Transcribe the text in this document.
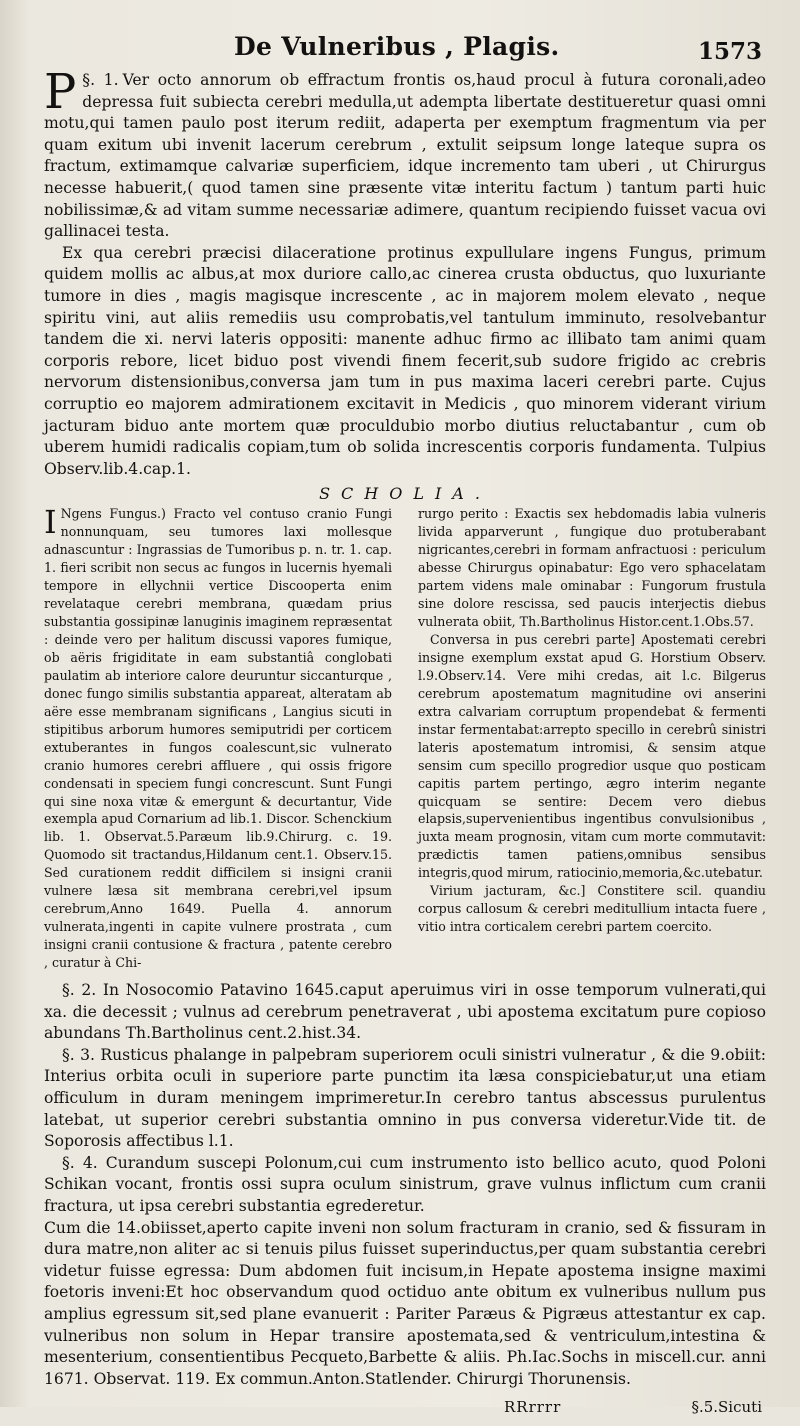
De Vulneribus , Plagis.	1573

§. 1.
P	Ver octo annorum ob effractum frontis os,haud procul à futura coronali,adeo depressa fuit subiecta cerebri medulla,ut adempta libertate destitueretur quasi omni motu,qui tamen paulo post iterum rediit, adaperta per exemptum fragmentum via per quam exitum ubi invenit lacerum cerebrum , extulit seipsum longe lateque supra os fractum, extimamque calvariæ superficiem, idque incremento tam uberi , ut Chirurgus necesse habuerit,( quod tamen sine præsente vitæ interitu factum ) tantum parti huic nobilissimæ,& ad vitam summe necessariæ adimere, quantum recipiendo fuisset vacua ovi gallinacei testa.

Ex qua cerebri præcisi dilaceratione protinus expullulare ingens Fungus, primum quidem mollis ac albus,at mox duriore callo,ac cinerea crusta obductus, quo luxuriante tumore in dies , magis magisque increscente , ac in majorem molem elevato , neque spiritu vini, aut aliis remediis usu comprobatis,vel tantulum imminuto, resolvebantur tandem die xi. nervi lateris oppositi: manente adhuc firmo ac illibato tam animi quam corporis rebore, licet biduo post vivendi finem fecerit,sub sudore frigido ac crebris nervorum distensionibus,conversa jam tum in pus maxima laceri cerebri parte. Cujus corruptio eo majorem admirationem excitavit in Medicis , quo minorem viderant virium jacturam biduo ante mortem quæ proculdubio morbo diutius reluctabantur , cum ob uberem humidi radicalis copiam,tum ob solida increscentis corporis fundamenta. Tulpius Observ.lib.4.cap.1.

SCHOLIA.

I Ngens Fungus.) Fracto vel contuso cranio Fungi nonnunquam, seu tumores laxi mollesque adnascuntur : Ingrassias de Tumoribus p. n. tr. 1. cap. 1. fieri scribit non secus ac fungos in lucernis hyemali tempore in ellychnii vertice Discooperta enim revelataque cerebri membrana, quædam prius substantia gossipinæ lanuginis imaginem repræsentat : deinde vero per halitum discussi vapores fumique, ob aëris frigiditate in eam substantiâ conglobati paulatim ab interiore calore deuruntur siccanturque , donec fungo similis substantia appareat, alteratam ab aëre esse membranam significans , Langius sicuti in stipitibus arborum humores semiputridi per corticem extuberantes in fungos coalescunt,sic vulnerato cranio humores cerebri affluere , qui ossis frigore condensati in speciem fungi concrescunt. Sunt Fungi qui sine noxa vitæ & emergunt & decurtantur, Vide exempla apud Cornarium ad lib.1. Discor. Schenckium lib. 1. Observat.5.Paræum lib.9.Chirurg. c. 19. Quomodo sit tractandus,Hildanum cent.1. Observ.15. Sed curationem reddit difficilem si insigni cranii vulnere læsa sit membrana cerebri,vel ipsum cerebrum,Anno 1649. Puella 4. annorum vulnerata,ingenti in capite vulnere prostrata , cum insigni cranii contusione & fractura , patente cerebro , curatur à Chi-

rurgo perito : Exactis sex hebdomadis labia vulneris livida apparverunt , fungique duo protuberabant nigricantes,cerebri in formam anfractuosi : periculum abesse Chirurgus opinabatur: Ego vero sphacelatam partem videns male ominabar : Fungorum frustula sine dolore rescissa, sed paucis interjectis diebus vulnerata obiit, Th.Bartholinus Histor.cent.1.Obs.57.

Conversa in pus cerebri parte] Apostemati cerebri insigne exemplum exstat apud G. Horstium Observ. l.9.Observ.14. Vere mihi credas, ait l.c. Bilgerus cerebrum apostematum magnitudine ovi anserini extra calvariam corruptum propendebat & fermenti instar fermentabat:arrepto specillo in cerebrû sinistri lateris apostematum intromisi, & sensim atque sensim cum specillo progredior usque quo posticam capitis partem pertingo, ægro interim negante quicquam se sentire: Decem vero diebus elapsis,supervenientibus ingentibus convulsionibus , juxta meam prognosin, vitam cum morte commutavit: prædictis tamen patiens,omnibus sensibus integris,quod mirum, ratiocinio,memoria,&c.utebatur.

Virium jacturam, &c.] Constitere scil. quandiu corpus callosum & cerebri meditullium intacta fuere , vitio intra corticalem cerebri partem coercito.

§. 2. In Nosocomio Patavino 1645.caput aperuimus viri in osse temporum vulnerati,qui xa. die decessit ; vulnus ad cerebrum penetraverat , ubi apostema excitatum pure copioso abundans Th.Bartholinus cent.2.hist.34.

§. 3. Rusticus phalange in palpebram superiorem oculi sinistri vulneratur , & die 9.obiit: Interius orbita oculi in superiore parte punctim ita læsa conspiciebatur,ut una etiam officulum in duram meningem imprimeretur.In cerebro tantus abscessus purulentus latebat, ut superior cerebri substantia omnino in pus conversa videretur.Vide tit. de Soporosis affectibus l.1.

§. 4. Curandum suscepi Polonum,cui cum instrumento isto bellico acuto, quod Poloni Schikan vocant, frontis ossi supra oculum sinistrum, grave vulnus inflictum cum cranii fractura, ut ipsa cerebri substantia egrederetur.

Cum die 14.obiisset,aperto capite inveni non solum fracturam in cranio, sed & fissuram in dura matre,non aliter ac si tenuis pilus fuisset superinductus,per quam substantia cerebri videtur fuisse egressa: Dum abdomen fuit incisum,in Hepate apostema insigne maximi foetoris inveni:Et hoc observandum quod octiduo ante obitum ex vulneribus nullum pus amplius egressum sit,sed plane evanuerit : Pariter Paræus & Pigræus attestantur ex cap. vulneribus non solum in Hepar transire apostemata,sed & ventriculum,intestina & mesenterium, consentientibus Pecqueto,Barbette & aliis. Ph.Iac.Sochs in miscell.cur. anni 1671. Observat. 119. Ex commun.Anton.Statlender. Chirurgi Thorunensis.

RRrrrr	§.5.Sicuti
